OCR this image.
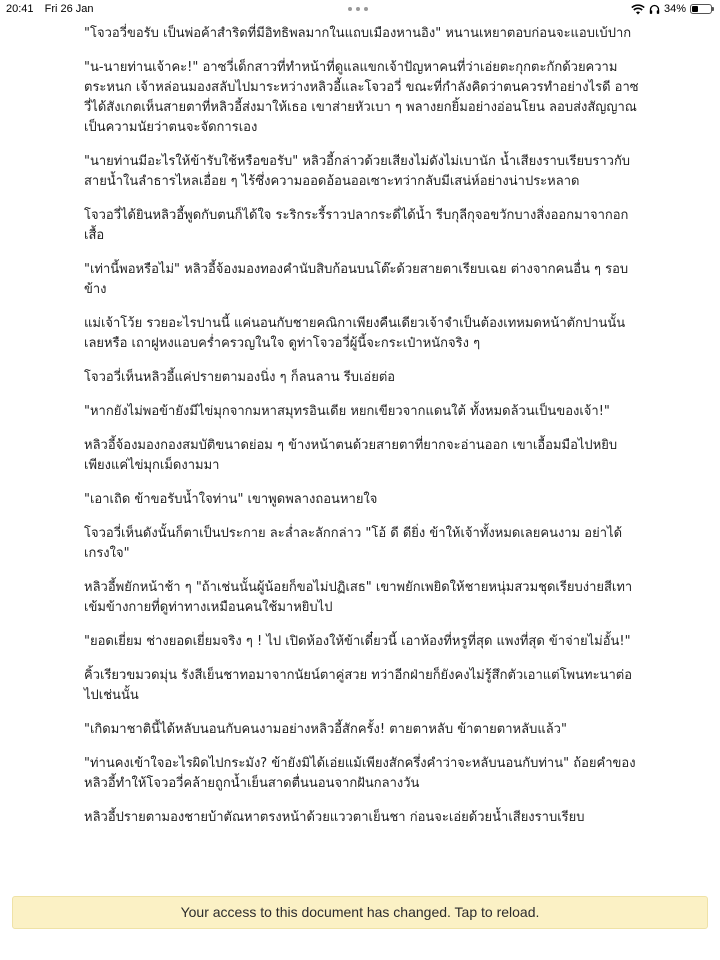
20:41 Fri 26 Jan	34%

"โจวอวี่ขอรับ เป็นพ่อค้าสำริดที่มีอิทธิพลมากในแถบเมืองหานอิง" หนานเหยาตอบก่อนจะแอบเบ้ปาก

"น-นายท่านเจ้าคะ!" อาซวี่เด็กสาวที่ทำหน้าที่ดูแลแขกเจ้าปัญหาคนที่ว่าเอ่ยตะกุกตะกักด้วยความตระหนก เจ้าหล่อนมองสลับไปมาระหว่างหลิวอี้และโจวอวี่ ขณะที่กำลังคิดว่าตนควรทำอย่างไรดี อาซวี่ได้สังเกตเห็นสายตาที่หลิวอี้ส่งมาให้เธอ เขาส่ายหัวเบา ๆ พลางยกยิ้มอย่างอ่อนโยน ลอบส่งสัญญาณเป็นความนัยว่าตนจะจัดการเอง

"นายท่านมีอะไรให้ข้ารับใช้หรือขอรับ" หลิวอี้กล่าวด้วยเสียงไม่ดังไม่เบานัก น้ำเสียงราบเรียบราวกับสายน้ำในลำธารไหลเอื่อย ๆ ไร้ซึ่งความออดอ้อนออเซาะทว่ากลับมีเสน่ห์อย่างน่าประหลาด

โจวอวี่ได้ยินหลิวอี้พูดกับตนก็ได้ใจ ระริกระรี้ราวปลากระดี่ได้น้ำ รีบกุลีกุจอขวักบางสิ่งออกมาจากอกเสื้อ

"เท่านี้พอหรือไม่" หลิวอี้จ้องมองทองคำนับสิบก้อนบนโต๊ะด้วยสายตาเรียบเฉย ต่างจากคนอื่น ๆ รอบข้าง

แม่เจ้าโว้ย รวยอะไรปานนี้ แค่นอนกับชายคณิกาเพียงคืนเดียวเจ้าจำเป็นต้องเทหมดหน้าตักปานนั้นเลยหรือ เถาฝูหงแอบคร่ำครวญในใจ ดูท่าโจวอวี่ผู้นี้จะกระเป๋าหนักจริง ๆ

โจวอวี่เห็นหลิวอี้แค่ปรายตามองนิ่ง ๆ ก็ลนลาน รีบเอ่ยต่อ

"หากยังไม่พอข้ายังมีไข่มุกจากมหาสมุทรอินเดีย หยกเขียวจากแดนใต้ ทั้งหมดล้วนเป็นของเจ้า!"

หลิวอี้จ้องมองกองสมบัติขนาดย่อม ๆ ข้างหน้าตนด้วยสายตาที่ยากจะอ่านออก เขาเอื้อมมือไปหยิบเพียงแค่ไข่มุกเม็ดงามมา

"เอาเถิด ข้าขอรับน้ำใจท่าน" เขาพูดพลางถอนหายใจ

โจวอวี่เห็นดังนั้นก็ตาเป็นประกาย ละล่ำละลักกล่าว "โอ้ ดี ดียิ่ง ข้าให้เจ้าทั้งหมดเลยคนงาม อย่าได้เกรงใจ"

หลิวอี้พยักหน้าช้า ๆ "ถ้าเช่นนั้นผู้น้อยก็ขอไม่ปฏิเสธ" เขาพยักเพยิดให้ชายหนุ่มสวมชุดเรียบง่ายสีเทาเข้มข้างกายที่ดูท่าทางเหมือนคนใช้มาหยิบไป

"ยอดเยี่ยม ช่างยอดเยี่ยมจริง ๆ ! ไป เปิดห้องให้ข้าเดี๋ยวนี้ เอาห้องที่หรูที่สุด แพงที่สุด ข้าจ่ายไม่อั้น!"

คิ้วเรียวขมวดมุ่น รังสีเย็นชาทอมาจากนัยน์ตาคู่สวย ทว่าอีกฝ่ายก็ยังคงไม่รู้สึกตัวเอาแต่โพนทะนาต่อไปเช่นนั้น

"เกิดมาชาตินี้ได้หลับนอนกับคนงามอย่างหลิวอี้สักครั้ง! ตายตาหลับ ข้าตายตาหลับแล้ว"

"ท่านคงเข้าใจอะไรผิดไปกระมัง? ข้ายังมิได้เอ่ยแม้เพียงสักครึ่งคำว่าจะหลับนอนกับท่าน" ถ้อยคำของหลิวอี้ทำให้โจวอวี่คล้ายถูกน้ำเย็นสาดตื่นนอนจากฝันกลางวัน

หลิวอี้ปรายตามองชายบ้าตัณหาตรงหน้าด้วยแววตาเย็นชา ก่อนจะเอ่ยด้วยน้ำเสียงราบเรียบ

Your access to this document has changed. Tap to reload.
